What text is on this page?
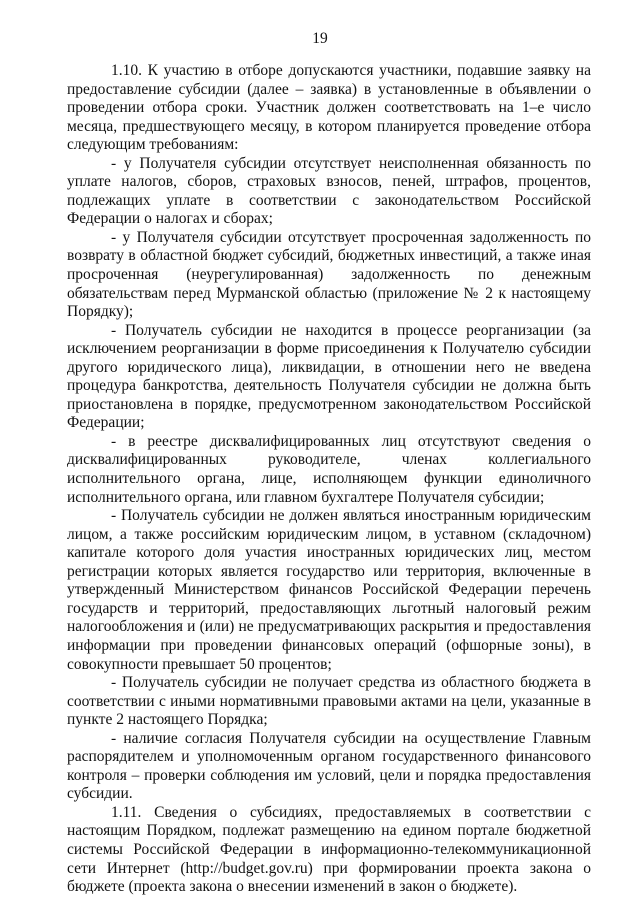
19

1.10. К участию в отборе допускаются участники, подавшие заявку на предоставление субсидии (далее – заявка) в установленные в объявлении о проведении отбора сроки. Участник должен соответствовать на 1–е число месяца, предшествующего месяцу, в котором планируется проведение отбора следующим требованиям:

- у Получателя субсидии отсутствует неисполненная обязанность по уплате налогов, сборов, страховых взносов, пеней, штрафов, процентов, подлежащих уплате в соответствии с законодательством Российской Федерации о налогах и сборах;

- у Получателя субсидии отсутствует просроченная задолженность по возврату в областной бюджет субсидий, бюджетных инвестиций, а также иная просроченная (неурегулированная) задолженность по денежным обязательствам перед Мурманской областью (приложение № 2 к настоящему Порядку);

- Получатель субсидии не находится в процессе реорганизации (за исключением реорганизации в форме присоединения к Получателю субсидии другого юридического лица), ликвидации, в отношении него не введена процедура банкротства, деятельность Получателя субсидии не должна быть приостановлена в порядке, предусмотренном законодательством Российской Федерации;

- в реестре дисквалифицированных лиц отсутствуют сведения о дисквалифицированных руководителе, членах коллегиального исполнительного органа, лице, исполняющем функции единоличного исполнительного органа, или главном бухгалтере Получателя субсидии;

- Получатель субсидии не должен являться иностранным юридическим лицом, а также российским юридическим лицом, в уставном (складочном) капитале которого доля участия иностранных юридических лиц, местом регистрации которых является государство или территория, включенные в утвержденный Министерством финансов Российской Федерации перечень государств и территорий, предоставляющих льготный налоговый режим налогообложения и (или) не предусматривающих раскрытия и предоставления информации при проведении финансовых операций (офшорные зоны), в совокупности превышает 50 процентов;

- Получатель субсидии не получает средства из областного бюджета в соответствии с иными нормативными правовыми актами на цели, указанные в пункте 2 настоящего Порядка;

- наличие согласия Получателя субсидии на осуществление Главным распорядителем и уполномоченным органом государственного финансового контроля – проверки соблюдения им условий, цели и порядка предоставления субсидии.

1.11. Сведения о субсидиях, предоставляемых в соответствии с настоящим Порядком, подлежат размещению на едином портале бюджетной системы Российской Федерации в информационно-телекоммуникационной сети Интернет (http://budget.gov.ru) при формировании проекта закона о бюджете (проекта закона о внесении изменений в закон о бюджете).
